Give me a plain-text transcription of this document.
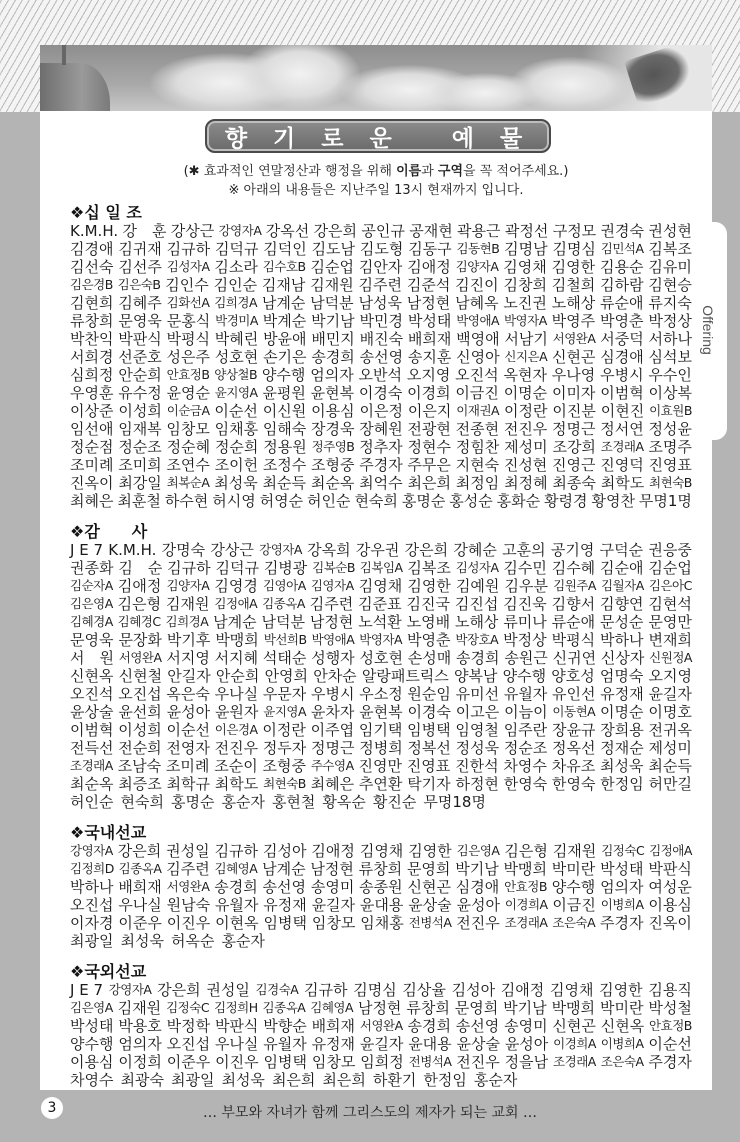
Offering
향 기 로 운   예 물
(✱ 효과적인 연말정산과 행정을 위해 이름과 구역을 꼭 적어주세요.)
※ 아래의 내용들은 지난주일 13시 현재까지 입니다.
❖십 일 조
K.M.H. 강　훈 강상근 강영자A 강옥선 강은희 공인규 공재현 곽용근 곽정선 구정모 권경숙 권성현
김경애 김귀재 김규하 김덕규 김덕인 김도남 김도형 김동구 김동현B 김명남 김명심 김민석A 김복조
김선숙 김선주 김성자A 김소라 김수호B 김순업 김안자 김애정 김양자A 김영채 김영한 김용순 김유미
김은경B 김은숙B 김인수 김인순 김재남 김재원 김주련 김준석 김진이 김창희 김철희 김하람 김현승
김현희 김혜주 김화선A 김희경A 남계순 남덕분 남성욱 남정현 남혜옥 노진권 노해상 류순애 류지숙
류창희 문영욱 문홍식 박경미A 박계순 박기남 박민경 박성태 박영애A 박영자A 박영주 박영춘 박정상
박찬익 박판식 박평식 박혜린 방윤애 배민지 배진숙 배희재 백영애 서남기 서영완A 서중덕 서하나
서희경 선준호 성은주 성호현 손기은 송경희 송선영 송지훈 신영아 신지은A 신현곤 심경애 심석보
심희정 안순희 안효정B 양상철B 양수행 엄의자 오반석 오지영 오진석 옥현자 우나영 우병시 우수인
우영훈 유수정 윤영순 윤지영A 윤평원 윤현복 이경숙 이경희 이금진 이명순 이미자 이범혁 이상복
이상준 이성희 이순금A 이순선 이신원 이용심 이은정 이은지 이재권A 이정란 이진분 이현진 이효원B
임선애 임재복 임창모 임채홍 임해숙 장경욱 장혜원 전광현 전종현 전진우 정명근 정서연 정성윤
정순점 정순조 정순혜 정순희 정용원 정주영B 정추자 정현수 정힘찬 제성미 조강희 조경래A 조명주
조미례 조미희 조연수 조이헌 조정수 조형중 주경자 주무은 지현숙 진성현 진영근 진영덕 진영표
진옥이 최강일 최복순A 최성욱 최순득 최순옥 최억수 최은희 최정임 최정혜 최종숙 최학도 최현숙B
최혜은 최훈철 하수현 허시영 허영순 허인순 현숙희 홍명순 홍성순 홍화순 황령경 황영찬 무명1명
❖감　　사
J E 7 K.M.H. 강명숙 강상근 강영자A 강옥희 강우권 강은희 강혜순 고훈의 공기영 구덕순 권응중
권종화 김　순 김규하 김덕규 김병광 김복순B 김복임A 김복조 김성자A 김수민 김수혜 김순애 김순업
김순자A 김애정 김양자A 김영경 김영아A 김영자A 김영채 김영한 김예원 김우분 김원주A 김월자A 김은아C
김은영A 김은형 김재원 김정애A 김종옥A 김주련 김준표 김진국 김진섭 김진욱 김향서 김향연 김현석
김혜경A 김혜경C 김희경A 남계순 남덕분 남정현 노석환 노영배 노해상 류미나 류순애 문성순 문영만
문영욱 문장화 박기후 박맹희 박선희B 박영애A 박영자A 박영춘 박장호A 박정상 박평식 박하나 변재희
서　원 서영완A 서지영 서지혜 석태순 성행자 성호현 손성매 송경희 송원근 신귀연 신상자 신원정A
신현옥 신현철 안길자 안순희 안영희 안차순 알랑패트릭스 양복남 양수행 양호성 엄명숙 오지영
오진석 오진섭 옥은숙 우나실 우문자 우병시 우소정 원순임 유미선 유월자 유인선 유정재 윤길자
윤상술 윤선희 윤성아 윤원자 윤지영A 윤차자 윤현복 이경숙 이고은 이늠이 이동현A 이명순 이명호
이범혁 이성희 이순선 이은경A 이정란 이주엽 임기택 임병택 임영철 임주란 장윤규 장희용 전귀옥
전득선 전순희 전영자 전진우 정두자 정명근 정병희 정복선 정성욱 정순조 정옥선 정재순 제성미
조경래A 조남숙 조미례 조순이 조형중 주수영A 진영만 진영표 진한석 차영수 차유조 최성욱 최순득
최순옥 최증조 최학규 최학도 최현숙B 최혜은 추연환 탁기자 하정현 한영숙 한영숙 한정임 허만길
허인순 현숙희 홍명순 홍순자 홍현철 황옥순 황진순 무명18명
❖국내선교
강영자A 강은희 권성일 김규하 김성아 김애정 김영채 김영한 김은영A 김은형 김재원 김정숙C 김정애A
김정희D 김종옥A 김주련 김혜영A 남계순 남정현 류창희 문영희 박기남 박맹희 박미란 박성태 박판식
박하나 배희재 서영완A 송경희 송선영 송영미 송종원 신현곤 심경애 안효정B 양수행 엄의자 여성운
오진섭 우나실 원남숙 유월자 유정재 윤길자 윤대용 윤상술 윤성아 이경희A 이금진 이병희A 이용심
이자경 이준우 이진우 이현옥 임병택 임창모 임채홍 전병석A 전진우 조경래A 조은숙A 주경자 진옥이
최광일 최성욱 허옥순 홍순자
❖국외선교
J E 7 강영자A 강은희 권성일 김경숙A 김규하 김명심 김상율 김성아 김애정 김영채 김영한 김용직
김은영A 김재원 김정숙C 김정희H 김종옥A 김혜영A 남정현 류창희 문영희 박기남 박맹희 박미란 박성철
박성태 박용호 박정학 박판식 박향순 배희재 서영완A 송경희 송선영 송영미 신현곤 신현옥 안효정B
양수행 엄의자 오진섭 우나실 유월자 유정재 윤길자 윤대용 윤상술 윤성아 이경희A 이병희A 이순선
이용심 이정희 이준우 이진우 임병택 임창모 임희정 전병석A 전진우 정을남 조경래A 조은숙A 주경자
차영수 최광숙 최광일 최성욱 최은희 최은희 하환기 한정임 홍순자
3	… 부모와 자녀가 함께 그리스도의 제자가 되는 교회 …
